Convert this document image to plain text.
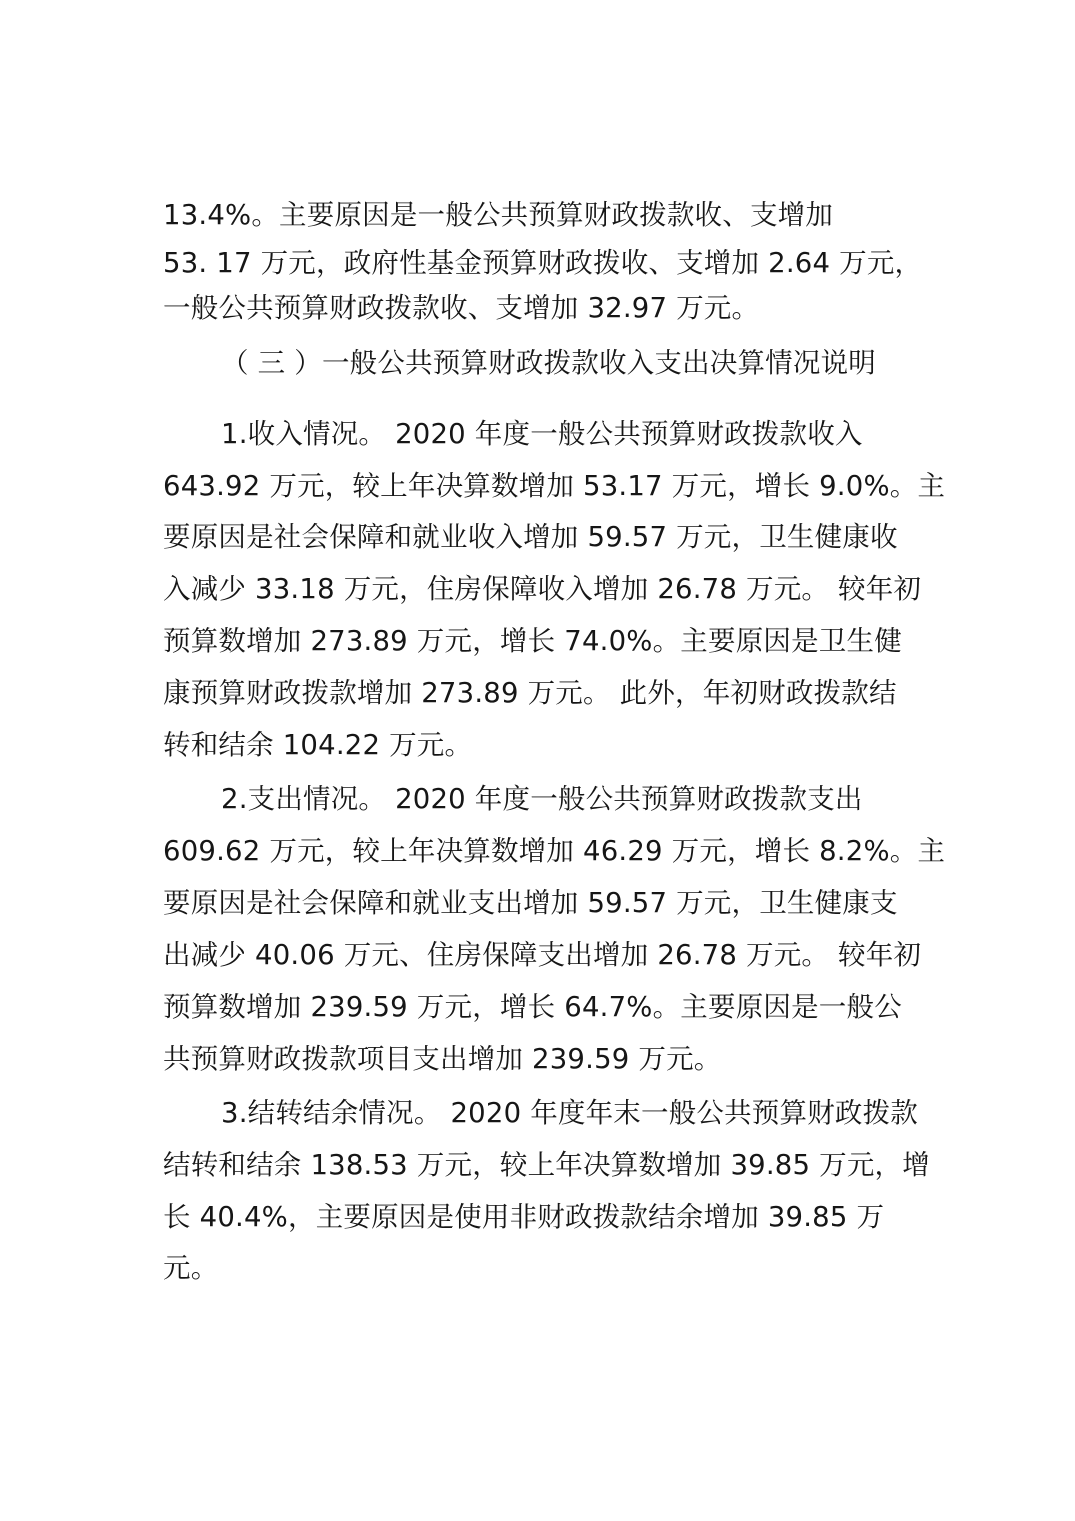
13.4%。主要原因是一般公共预算财政拨款收、支增加
53. 17 万元，政府性基金预算财政拨收、支增加 2.64 万元，
一般公共预算财政拨款收、支增加 32.97 万元。
（ 三 ）一般公共预算财政拨款收入支出决算情况说明
1.收入情况。 2020 年度一般公共预算财政拨款收入
643.92 万元，较上年决算数增加 53.17 万元，增长 9.0%。主
要原因是社会保障和就业收入增加 59.57 万元，卫生健康收
入减少 33.18 万元，住房保障收入增加 26.78 万元。 较年初
预算数增加 273.89 万元，增长 74.0%。主要原因是卫生健
康预算财政拨款增加 273.89 万元。 此外，年初财政拨款结
转和结余 104.22 万元。
2.支出情况。 2020 年度一般公共预算财政拨款支出
609.62 万元，较上年决算数增加 46.29 万元，增长 8.2%。主
要原因是社会保障和就业支出增加 59.57 万元，卫生健康支
出减少 40.06 万元、住房保障支出增加 26.78 万元。 较年初
预算数增加 239.59 万元，增长 64.7%。主要原因是一般公
共预算财政拨款项目支出增加 239.59 万元。
3.结转结余情况。 2020 年度年末一般公共预算财政拨款
结转和结余 138.53 万元，较上年决算数增加 39.85 万元，增
长 40.4%，主要原因是使用非财政拨款结余增加 39.85 万
元。
